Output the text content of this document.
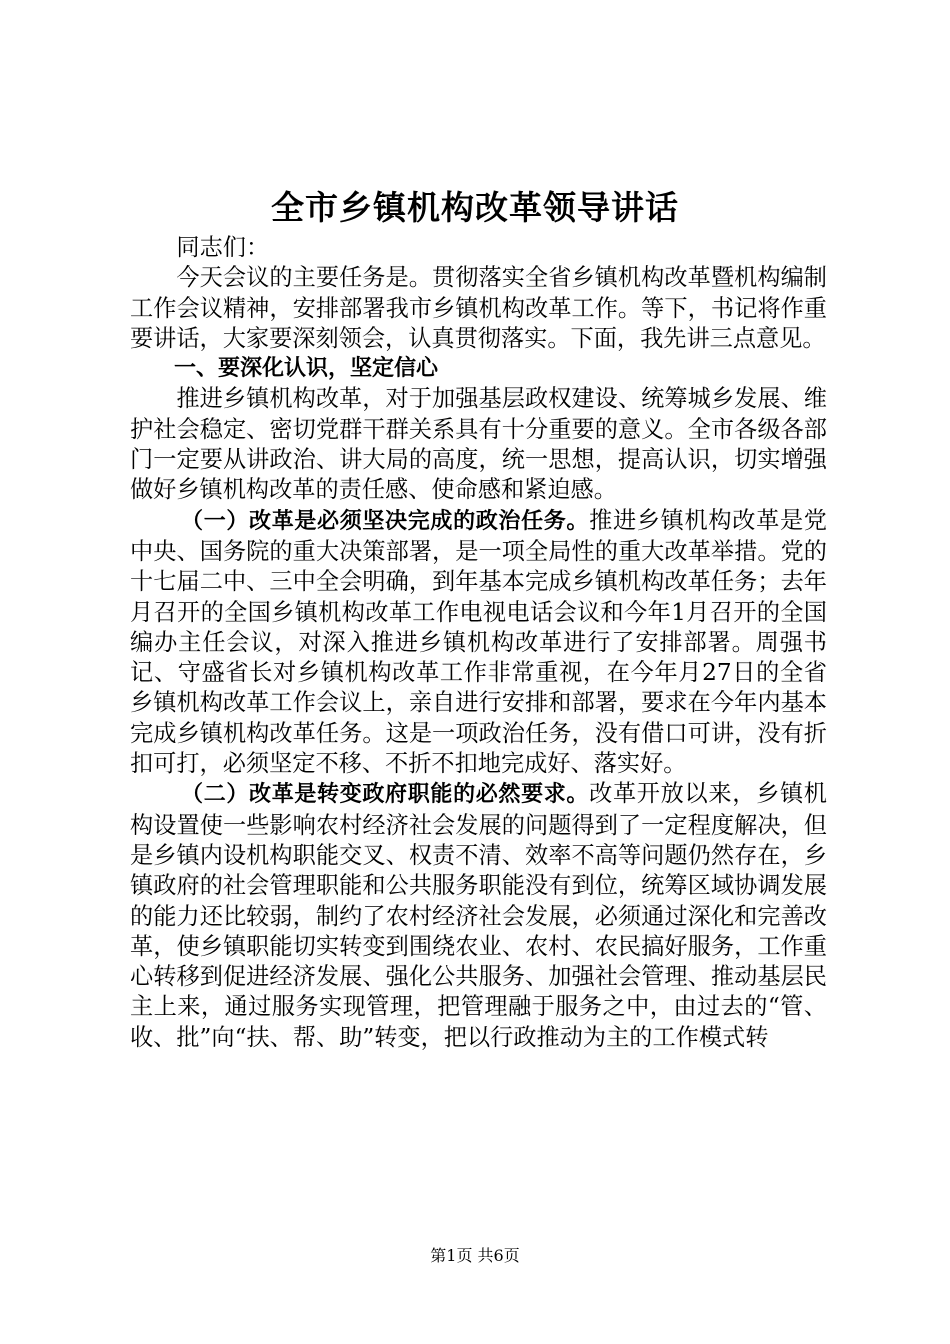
全市乡镇机构改革领导讲话

同志们：

今天会议的主要任务是。贯彻落实全省乡镇机构改革暨机构编制工作会议精神，安排部署我市乡镇机构改革工作。等下，书记将作重要讲话，大家要深刻领会，认真贯彻落实。下面，我先讲三点意见。

一、要深化认识，坚定信心

推进乡镇机构改革，对于加强基层政权建设、统筹城乡发展、维护社会稳定、密切党群干群关系具有十分重要的意义。全市各级各部门一定要从讲政治、讲大局的高度，统一思想，提高认识，切实增强做好乡镇机构改革的责任感、使命感和紧迫感。

（一）改革是必须坚决完成的政治任务。推进乡镇机构改革是党中央、国务院的重大决策部署，是一项全局性的重大改革举措。党的十七届二中、三中全会明确，到年基本完成乡镇机构改革任务；去年月召开的全国乡镇机构改革工作电视电话会议和今年1月召开的全国编办主任会议，对深入推进乡镇机构改革进行了安排部署。周强书记、守盛省长对乡镇机构改革工作非常重视，在今年月27日的全省乡镇机构改革工作会议上，亲自进行安排和部署，要求在今年内基本完成乡镇机构改革任务。这是一项政治任务，没有借口可讲，没有折扣可打，必须坚定不移、不折不扣地完成好、落实好。

（二）改革是转变政府职能的必然要求。改革开放以来，乡镇机构设置使一些影响农村经济社会发展的问题得到了一定程度解决，但是乡镇内设机构职能交叉、权责不清、效率不高等问题仍然存在，乡镇政府的社会管理职能和公共服务职能没有到位，统筹区域协调发展的能力还比较弱，制约了农村经济社会发展，必须通过深化和完善改革，使乡镇职能切实转变到围绕农业、农村、农民搞好服务，工作重心转移到促进经济发展、强化公共服务、加强社会管理、推动基层民主上来，通过服务实现管理，把管理融于服务之中，由过去的“管、收、批”向“扶、帮、助”转变，把以行政推动为主的工作模式转

第1页 共6页
